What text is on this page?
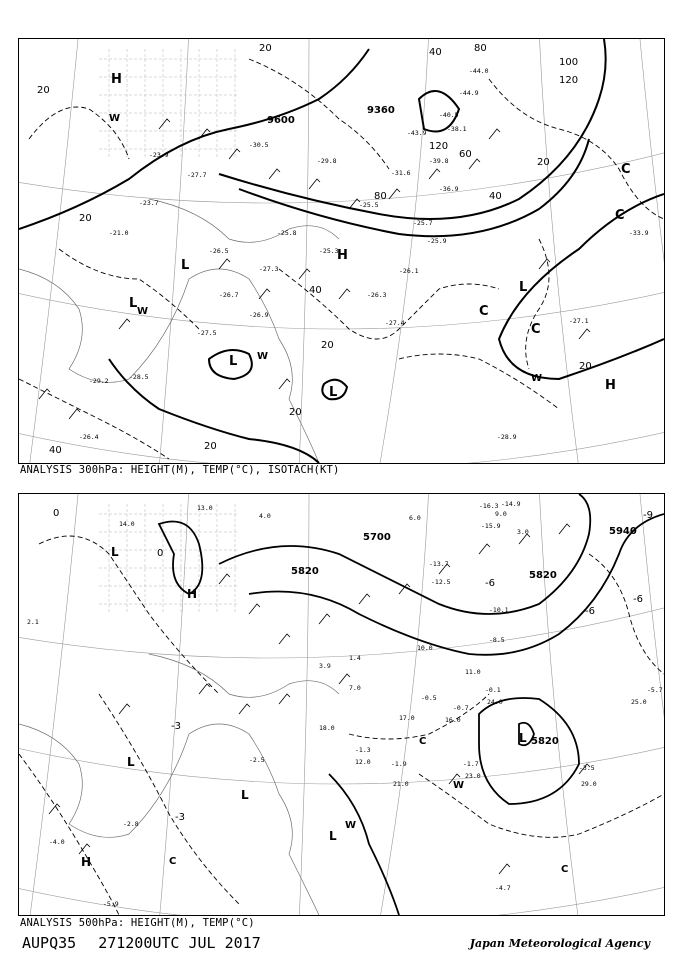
9600
9360
20
20
20
20	40
40
40
60
80
80
100
120
120
20
20
20
20
40
H
L
L
L
L
H
L
C
C
C
C
H
W
W
W
W
-23.9
-27.7
-30.5
-29.8
-31.6
-43.9
-40.5
-38.1
-44.9
-39.8
-44.0
-36.9
-33.9
-27.1
-26.7	-26.3
-25.7
-27.4
-28.5
-26.9
-25.8
-25.5
-29.2
-26.5
-25.9
-28.9
-23.7
-27.5
-25.3
-26.1
-21.0
-27.3
-26.4
ANALYSIS 300hPa: HEIGHT(M), TEMP(°C), ISOTACH(KT)
5700
5820	5820
5820
5940
0
0
-3
-3
-6
-6
-9
-6
H
H
L
L
L
L
L
C
C
C
W
W
-16.3 -14.9
-15.9
-12.5
-13.7
-10.1
-8.5
-5.7
-3.5
-1.9	-1.7
-1.3
-0.5
-0.7
-0.1
-4.7
-5.9
-4.0
-2.8
-2.5
2.1
4.0
3.9
1.4
18.0
25.0
29.0
23.0
21.0
12.0
17.0	16.0
24.0
7.0
11.0
10.0
6.0
14.0
13.0
9.0
3.0
ANALYSIS 500hPa: HEIGHT(M), TEMP(°C)
AUPQ35 271200UTC JUL 2017	Japan Meteorological Agency
